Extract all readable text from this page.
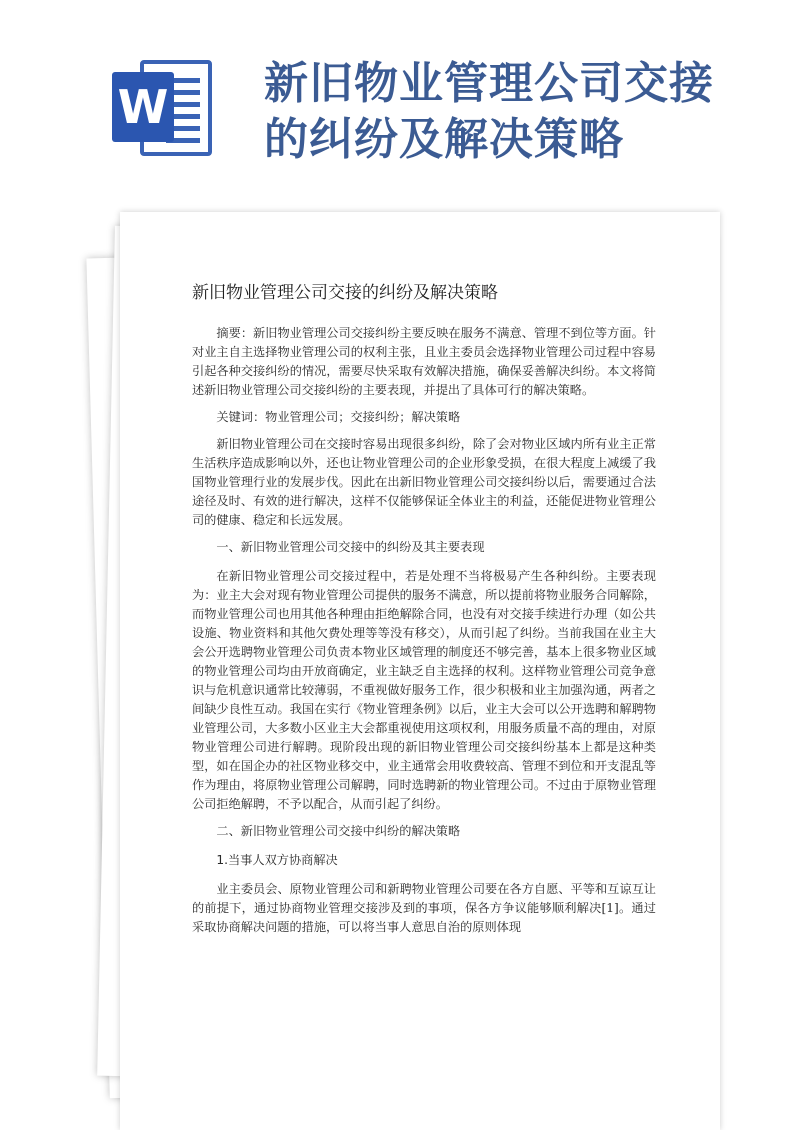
W 新旧物业管理公司交接
的纠纷及解决策略
新旧物业管理公司交接的纠纷及解决策略

摘要：新旧物业管理公司交接纠纷主要反映在服务不满意、管理不到位等方面。针对业主自主选择物业管理公司的权利主张，且业主委员会选择物业管理公司过程中容易引起各种交接纠纷的情况，需要尽快采取有效解决措施，确保妥善解决纠纷。本文将简述新旧物业管理公司交接纠纷的主要表现，并提出了具体可行的解决策略。

关键词：物业管理公司；交接纠纷；解决策略

新旧物业管理公司在交接时容易出现很多纠纷，除了会对物业区域内所有业主正常生活秩序造成影响以外，还也让物业管理公司的企业形象受损，在很大程度上减缓了我国物业管理行业的发展步伐。因此在出新旧物业管理公司交接纠纷以后，需要通过合法途径及时、有效的进行解决，这样不仅能够保证全体业主的利益，还能促进物业管理公司的健康、稳定和长远发展。

一、新旧物业管理公司交接中的纠纷及其主要表现

在新旧物业管理公司交接过程中，若是处理不当将极易产生各种纠纷。主要表现为：业主大会对现有物业管理公司提供的服务不满意，所以提前将物业服务合同解除，而物业管理公司也用其他各种理由拒绝解除合同，也没有对交接手续进行办理（如公共设施、物业资料和其他欠费处理等等没有移交），从而引起了纠纷。当前我国在业主大会公开选聘物业管理公司负责本物业区域管理的制度还不够完善，基本上很多物业区域的物业管理公司均由开放商确定，业主缺乏自主选择的权利。这样物业管理公司竞争意识与危机意识通常比较薄弱，不重视做好服务工作，很少积极和业主加强沟通，两者之间缺少良性互动。我国在实行《物业管理条例》以后，业主大会可以公开选聘和解聘物业管理公司，大多数小区业主大会都重视使用这项权利，用服务质量不高的理由，对原物业管理公司进行解聘。现阶段出现的新旧物业管理公司交接纠纷基本上都是这种类型，如在国企办的社区物业移交中，业主通常会用收费较高、管理不到位和开支混乱等作为理由，将原物业管理公司解聘，同时选聘新的物业管理公司。不过由于原物业管理公司拒绝解聘，不予以配合，从而引起了纠纷。

二、新旧物业管理公司交接中纠纷的解决策略

1.当事人双方协商解决

业主委员会、原物业管理公司和新聘物业管理公司要在各方自愿、平等和互谅互让的前提下，通过协商物业管理交接涉及到的事项，保各方争议能够顺利解决[1]。通过采取协商解决问题的措施，可以将当事人意思自治的原则体现
